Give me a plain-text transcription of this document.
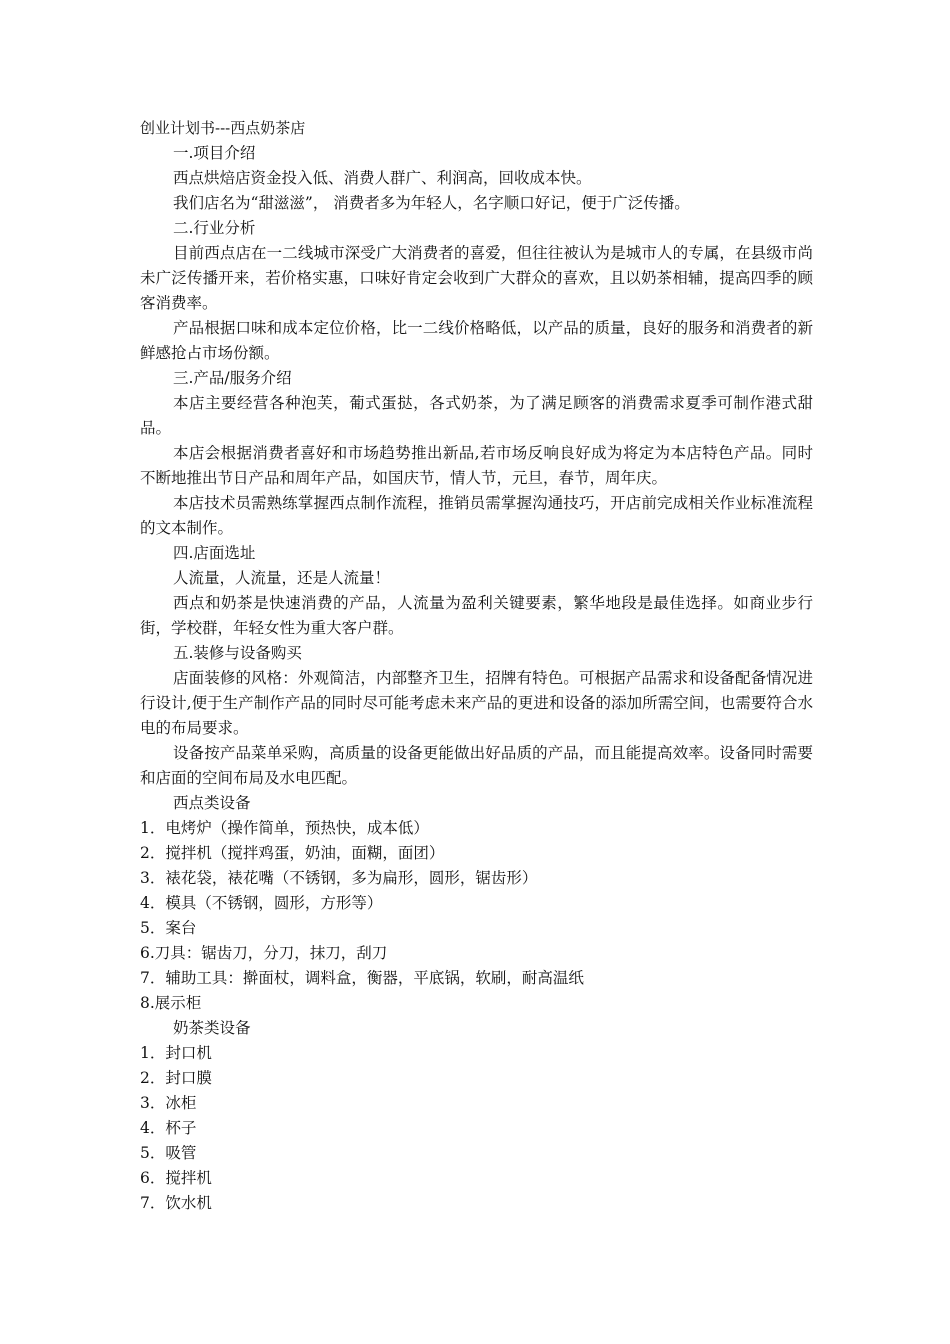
创业计划书---西点奶茶店

一.项目介绍

西点烘焙店资金投入低、消费人群广、利润高，回收成本快。

我们店名为“甜滋滋”， 消费者多为年轻人，名字顺口好记，便于广泛传播。

二.行业分析

目前西点店在一二线城市深受广大消费者的喜爱，但往往被认为是城市人的专属，在县级市尚未广泛传播开来，若价格实惠，口味好肯定会收到广大群众的喜欢，且以奶茶相辅，提高四季的顾客消费率。

产品根据口味和成本定位价格，比一二线价格略低，以产品的质量，良好的服务和消费者的新鲜感抢占市场份额。

三.产品/服务介绍

本店主要经营各种泡芙，葡式蛋挞，各式奶茶，为了满足顾客的消费需求夏季可制作港式甜品。

本店会根据消费者喜好和市场趋势推出新品,若市场反响良好成为将定为本店特色产品。同时不断地推出节日产品和周年产品，如国庆节，情人节，元旦，春节，周年庆。

本店技术员需熟练掌握西点制作流程，推销员需掌握沟通技巧，开店前完成相关作业标准流程的文本制作。

四.店面选址

人流量，人流量，还是人流量！

西点和奶茶是快速消费的产品，人流量为盈利关键要素，繁华地段是最佳选择。如商业步行街，学校群，年轻女性为重大客户群。

五.装修与设备购买

店面装修的风格：外观简洁，内部整齐卫生，招牌有特色。可根据产品需求和设备配备情况进行设计,便于生产制作产品的同时尽可能考虑未来产品的更进和设备的添加所需空间，也需要符合水电的布局要求。

设备按产品菜单采购，高质量的设备更能做出好品质的产品，而且能提高效率。设备同时需要和店面的空间布局及水电匹配。

西点类设备

1．电烤炉（操作简单，预热快，成本低）

2．搅拌机（搅拌鸡蛋，奶油，面糊，面团）

3．裱花袋，裱花嘴（不锈钢，多为扁形，圆形，锯齿形）

4．模具（不锈钢，圆形，方形等）

5．案台

6.刀具：锯齿刀，分刀，抹刀，刮刀

7．辅助工具：擀面杖，调料盒，衡器，平底锅，软刷，耐高温纸

8.展示柜

奶茶类设备

1．封口机

2．封口膜

3．冰柜

4．杯子

5．吸管

6．搅拌机

7．饮水机
